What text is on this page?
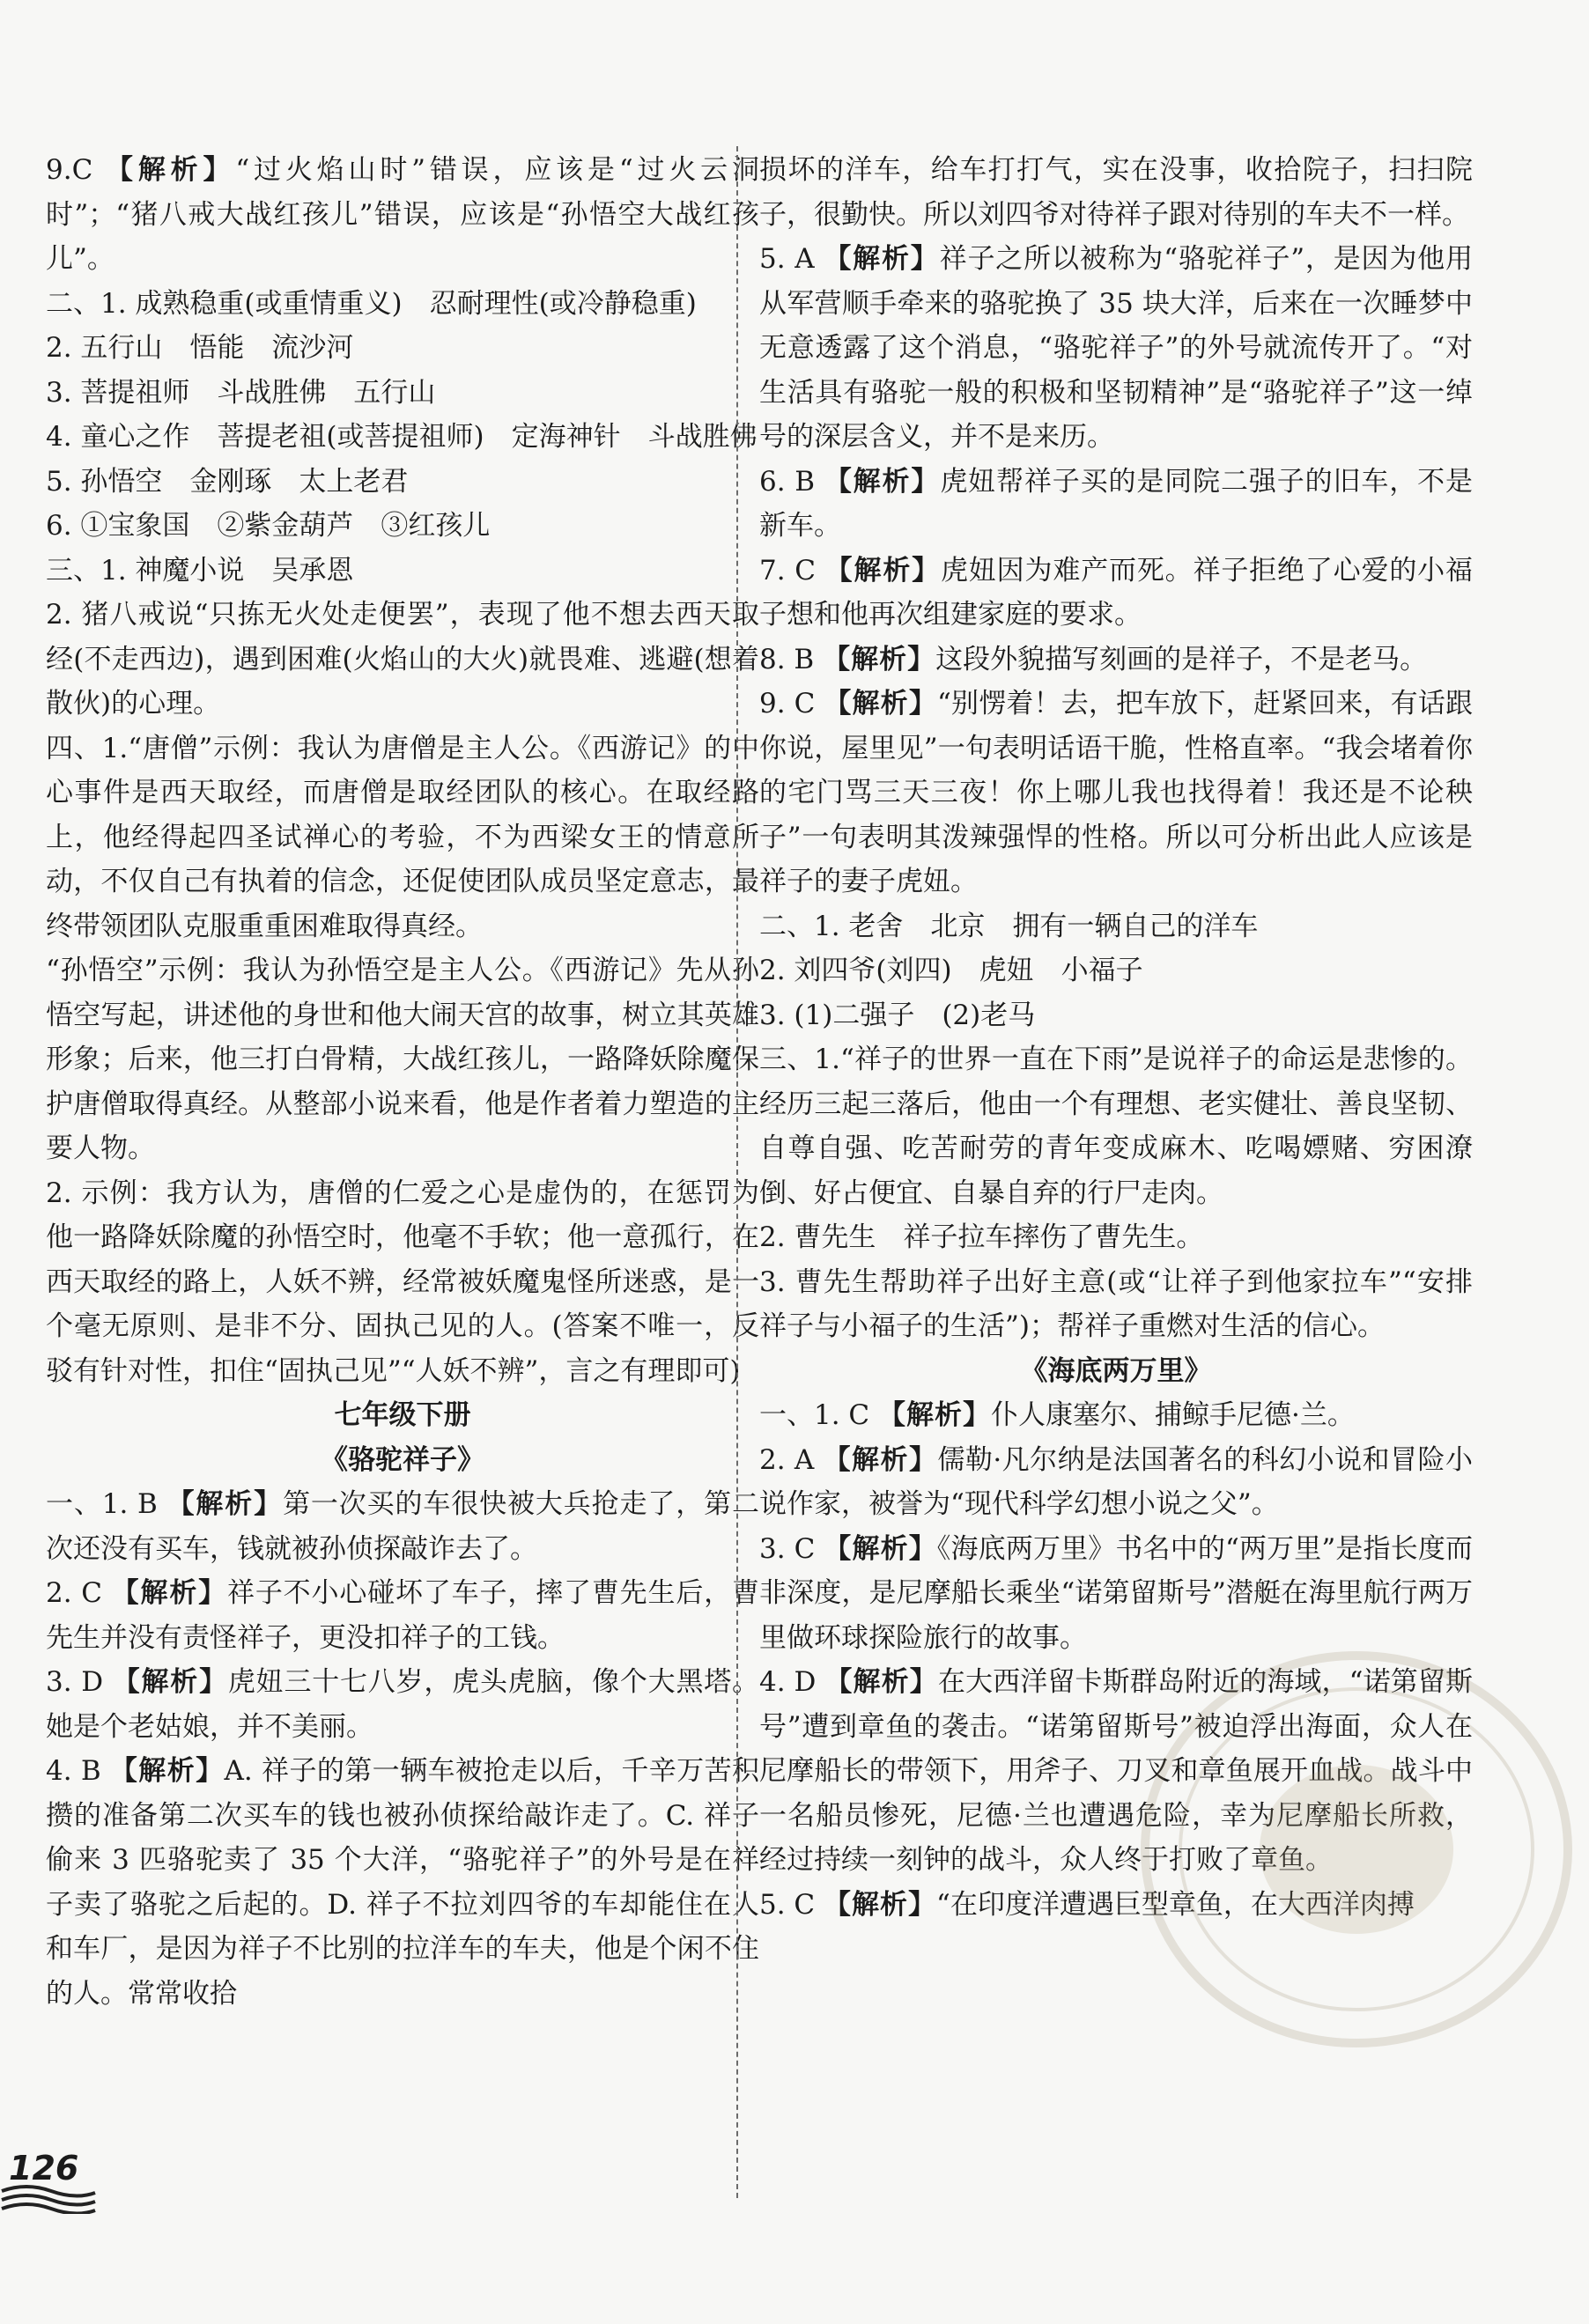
9.C 【解析】“过火焰山时”错误，应该是“过火云洞时”；“猪八戒大战红孩儿”错误，应该是“孙悟空大战红孩儿”。

二、1. 成熟稳重(或重情重义)　忍耐理性(或冷静稳重)

2. 五行山　悟能　流沙河

3. 菩提祖师　斗战胜佛　五行山

4. 童心之作　菩提老祖(或菩提祖师)　定海神针　斗战胜佛

5. 孙悟空　金刚琢　太上老君

6. ①宝象国　②紫金葫芦　③红孩儿

三、1. 神魔小说　吴承恩

2. 猪八戒说“只拣无火处走便罢”，表现了他不想去西天取经(不走西边)，遇到困难(火焰山的大火)就畏难、逃避(想着散伙)的心理。

四、1.“唐僧”示例：我认为唐僧是主人公。《西游记》的中心事件是西天取经，而唐僧是取经团队的核心。在取经路上，他经得起四圣试禅心的考验，不为西梁女王的情意所动，不仅自己有执着的信念，还促使团队成员坚定意志，最终带领团队克服重重困难取得真经。

“孙悟空”示例：我认为孙悟空是主人公。《西游记》先从孙悟空写起，讲述他的身世和他大闹天宫的故事，树立其英雄形象；后来，他三打白骨精，大战红孩儿，一路降妖除魔保护唐僧取得真经。从整部小说来看，他是作者着力塑造的主要人物。

2. 示例：我方认为，唐僧的仁爱之心是虚伪的，在惩罚为他一路降妖除魔的孙悟空时，他毫不手软；他一意孤行，在西天取经的路上，人妖不辨，经常被妖魔鬼怪所迷惑，是一个毫无原则、是非不分、固执己见的人。(答案不唯一，反驳有针对性，扣住“固执己见”“人妖不辨”，言之有理即可)

七年级下册

《骆驼祥子》

一、1. B 【解析】第一次买的车很快被大兵抢走了，第二次还没有买车，钱就被孙侦探敲诈去了。

2. C 【解析】祥子不小心碰坏了车子，摔了曹先生后，曹先生并没有责怪祥子，更没扣祥子的工钱。

3. D 【解析】虎妞三十七八岁，虎头虎脑，像个大黑塔。她是个老姑娘，并不美丽。

4. B 【解析】A. 祥子的第一辆车被抢走以后，千辛万苦积攒的准备第二次买车的钱也被孙侦探给敲诈走了。C. 祥子偷来 3 匹骆驼卖了 35 个大洋，“骆驼祥子”的外号是在祥子卖了骆驼之后起的。D. 祥子不拉刘四爷的车却能住在人和车厂，是因为祥子不比别的拉洋车的车夫，他是个闲不住的人。常常收拾

损坏的洋车，给车打打气，实在没事，收拾院子，扫扫院子，很勤快。所以刘四爷对待祥子跟对待别的车夫不一样。

5. A 【解析】祥子之所以被称为“骆驼祥子”，是因为他用从军营顺手牵来的骆驼换了 35 块大洋，后来在一次睡梦中无意透露了这个消息，“骆驼祥子”的外号就流传开了。“对生活具有骆驼一般的积极和坚韧精神”是“骆驼祥子”这一绰号的深层含义，并不是来历。

6. B 【解析】虎妞帮祥子买的是同院二强子的旧车，不是新车。

7. C 【解析】虎妞因为难产而死。祥子拒绝了心爱的小福子想和他再次组建家庭的要求。

8. B 【解析】这段外貌描写刻画的是祥子，不是老马。

9. C 【解析】“别愣着！去，把车放下，赶紧回来，有话跟你说，屋里见”一句表明话语干脆，性格直率。“我会堵着你的宅门骂三天三夜！你上哪儿我也找得着！我还是不论秧子”一句表明其泼辣强悍的性格。所以可分析出此人应该是祥子的妻子虎妞。

二、1. 老舍　北京　拥有一辆自己的洋车

2. 刘四爷(刘四)　虎妞　小福子

3. (1)二强子　(2)老马

三、1.“祥子的世界一直在下雨”是说祥子的命运是悲惨的。经历三起三落后，他由一个有理想、老实健壮、善良坚韧、自尊自强、吃苦耐劳的青年变成麻木、吃喝嫖赌、穷困潦倒、好占便宜、自暴自弃的行尸走肉。

2. 曹先生　祥子拉车摔伤了曹先生。

3. 曹先生帮助祥子出好主意(或“让祥子到他家拉车”“安排祥子与小福子的生活”)；帮祥子重燃对生活的信心。

《海底两万里》

一、1. C 【解析】仆人康塞尔、捕鲸手尼德·兰。

2. A 【解析】儒勒·凡尔纳是法国著名的科幻小说和冒险小说作家，被誉为“现代科学幻想小说之父”。

3. C 【解析】《海底两万里》书名中的“两万里”是指长度而非深度，是尼摩船长乘坐“诺第留斯号”潜艇在海里航行两万里做环球探险旅行的故事。

4. D 【解析】在大西洋留卡斯群岛附近的海域，“诺第留斯号”遭到章鱼的袭击。“诺第留斯号”被迫浮出海面，众人在尼摩船长的带领下，用斧子、刀叉和章鱼展开血战。战斗中一名船员惨死，尼德·兰也遭遇危险，幸为尼摩船长所救，经过持续一刻钟的战斗，众人终于打败了章鱼。

5. C 【解析】“在印度洋遭遇巨型章鱼，在大西洋肉搏

126
